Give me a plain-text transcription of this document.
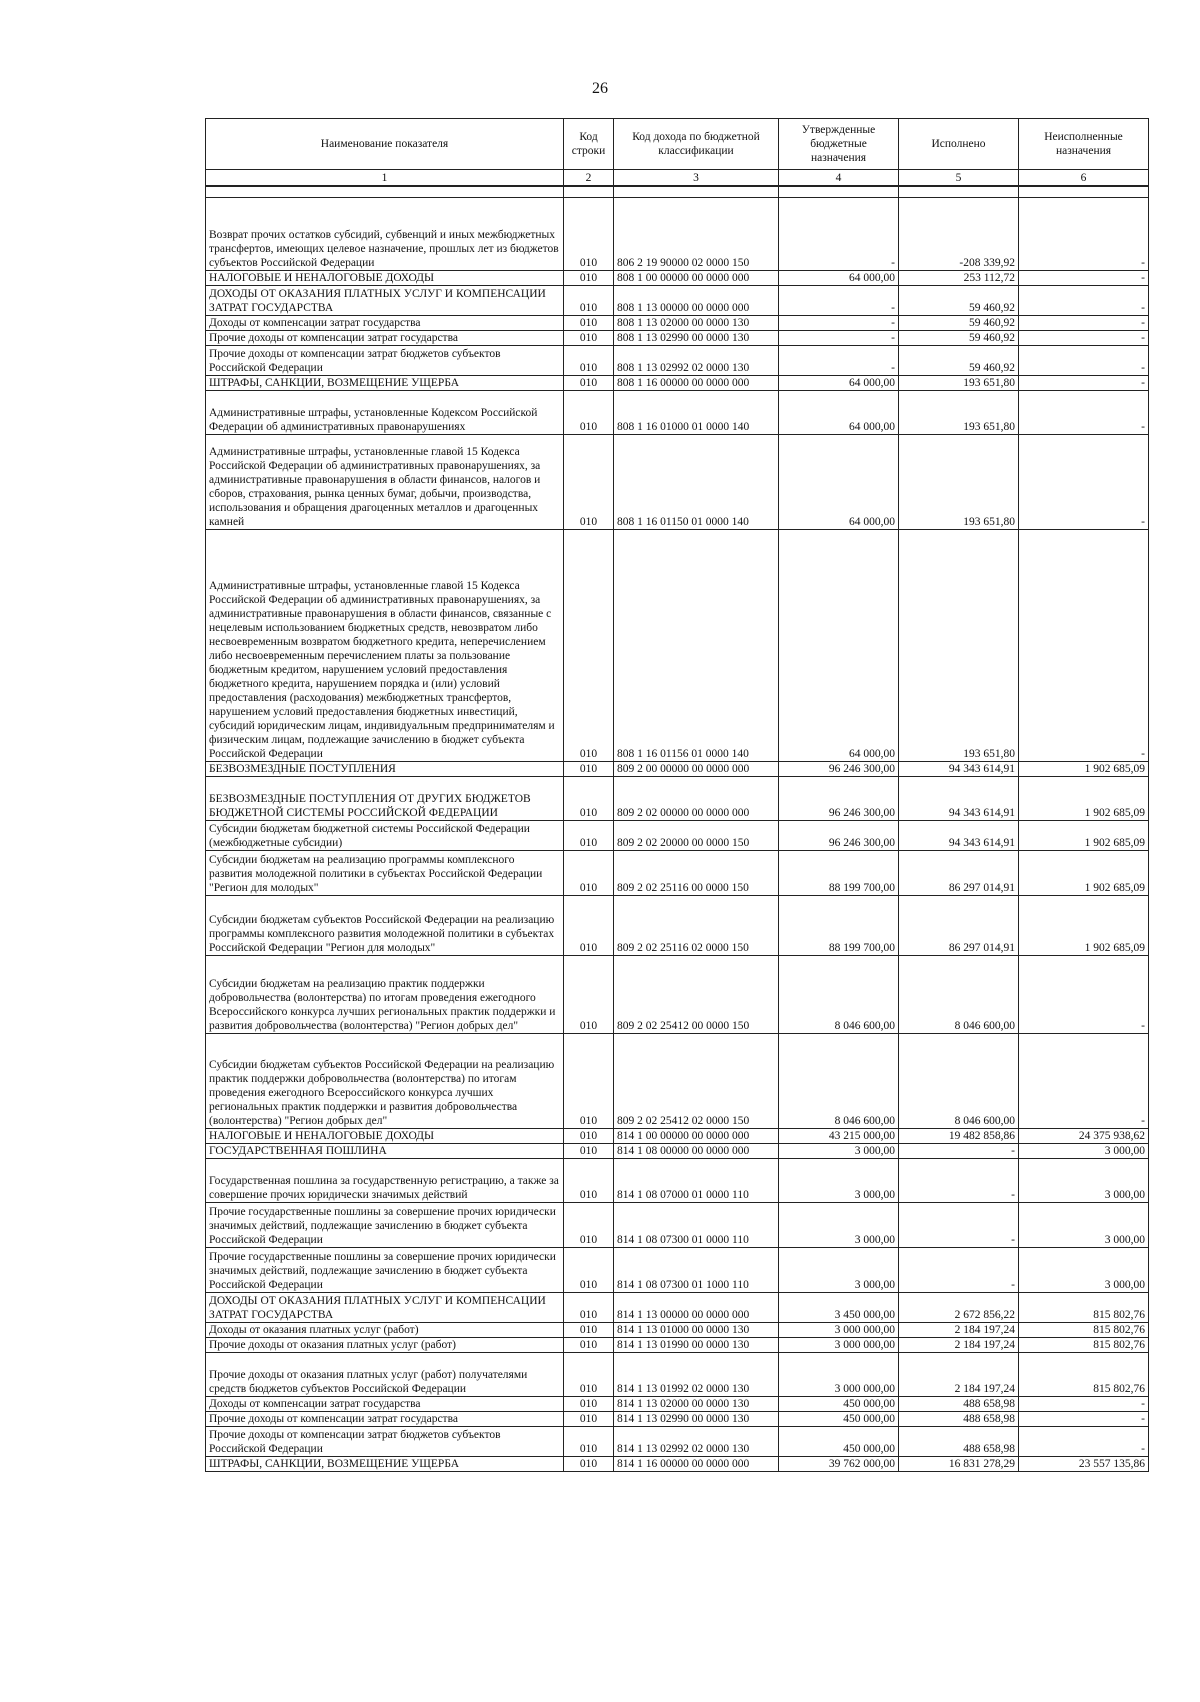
26
Наименование показателя	Код строки	Код дохода по бюджетной классификации	Утвержденные бюджетные назначения	Исполнено	Неисполненные назначения
1	2	3	4	5	6

Возврат прочих остатков субсидий, субвенций и иных межбюджетных трансфертов, имеющих целевое назначение, прошлых лет из бюджетов субъектов Российской Федерации	010	806 2 19 90000 02 0000 150	-	-208 339,92	-
НАЛОГОВЫЕ И НЕНАЛОГОВЫЕ ДОХОДЫ	010	808 1 00 00000 00 0000 000	64 000,00	253 112,72	-
ДОХОДЫ ОТ ОКАЗАНИЯ ПЛАТНЫХ УСЛУГ И КОМПЕНСАЦИИ ЗАТРАТ ГОСУДАРСТВА	010	808 1 13 00000 00 0000 000	-	59 460,92	-
Доходы от компенсации затрат государства	010	808 1 13 02000 00 0000 130	-	59 460,92	-
Прочие доходы от компенсации затрат государства	010	808 1 13 02990 00 0000 130	-	59 460,92	-
Прочие доходы от компенсации затрат бюджетов субъектов Российской Федерации	010	808 1 13 02992 02 0000 130	-	59 460,92	-
ШТРАФЫ, САНКЦИИ, ВОЗМЕЩЕНИЕ УЩЕРБА	010	808 1 16 00000 00 0000 000	64 000,00	193 651,80	-
Административные штрафы, установленные Кодексом Российской Федерации об административных правонарушениях	010	808 1 16 01000 01 0000 140	64 000,00	193 651,80	-
Административные штрафы, установленные главой 15 Кодекса Российской Федерации об административных правонарушениях, за административные правонарушения в области финансов, налогов и сборов, страхования, рынка ценных бумаг, добычи, производства, использования и обращения драгоценных металлов и драгоценных камней	010	808 1 16 01150 01 0000 140	64 000,00	193 651,80	-
Административные штрафы, установленные главой 15 Кодекса Российской Федерации об административных правонарушениях, за административные правонарушения в области финансов, связанные с нецелевым использованием бюджетных средств, невозвратом либо несвоевременным возвратом бюджетного кредита, неперечислением либо несвоевременным перечислением платы за пользование бюджетным кредитом, нарушением условий предоставления бюджетного кредита, нарушением порядка и (или) условий предоставления (расходования) межбюджетных трансфертов, нарушением условий предоставления бюджетных инвестиций, субсидий юридическим лицам, индивидуальным предпринимателям и физическим лицам, подлежащие зачислению в бюджет субъекта Российской Федерации	010	808 1 16 01156 01 0000 140	64 000,00	193 651,80	-
БЕЗВОЗМЕЗДНЫЕ ПОСТУПЛЕНИЯ	010	809 2 00 00000 00 0000 000	96 246 300,00	94 343 614,91	1 902 685,09
БЕЗВОЗМЕЗДНЫЕ ПОСТУПЛЕНИЯ ОТ ДРУГИХ БЮДЖЕТОВ БЮДЖЕТНОЙ СИСТЕМЫ РОССИЙСКОЙ ФЕДЕРАЦИИ	010	809 2 02 00000 00 0000 000	96 246 300,00	94 343 614,91	1 902 685,09
Субсидии бюджетам бюджетной системы Российской Федерации (межбюджетные субсидии)	010	809 2 02 20000 00 0000 150	96 246 300,00	94 343 614,91	1 902 685,09
Субсидии бюджетам на реализацию программы комплексного развития молодежной политики в субъектах Российской Федерации "Регион для молодых"	010	809 2 02 25116 00 0000 150	88 199 700,00	86 297 014,91	1 902 685,09
Субсидии бюджетам субъектов Российской Федерации на реализацию программы комплексного развития молодежной политики в субъектах Российской Федерации "Регион для молодых"	010	809 2 02 25116 02 0000 150	88 199 700,00	86 297 014,91	1 902 685,09
Субсидии бюджетам на реализацию практик поддержки добровольчества (волонтерства) по итогам проведения ежегодного Всероссийского конкурса лучших региональных практик поддержки и развития добровольчества (волонтерства) "Регион добрых дел"	010	809 2 02 25412 00 0000 150	8 046 600,00	8 046 600,00	-
Субсидии бюджетам субъектов Российской Федерации на реализацию практик поддержки добровольчества (волонтерства) по итогам проведения ежегодного Всероссийского конкурса лучших региональных практик поддержки и развития добровольчества (волонтерства) "Регион добрых дел"	010	809 2 02 25412 02 0000 150	8 046 600,00	8 046 600,00	-
НАЛОГОВЫЕ И НЕНАЛОГОВЫЕ ДОХОДЫ	010	814 1 00 00000 00 0000 000	43 215 000,00	19 482 858,86	24 375 938,62
ГОСУДАРСТВЕННАЯ ПОШЛИНА	010	814 1 08 00000 00 0000 000	3 000,00	-	3 000,00
Государственная пошлина за государственную регистрацию, а также за совершение прочих юридически значимых действий	010	814 1 08 07000 01 0000 110	3 000,00	-	3 000,00
Прочие государственные пошлины за совершение прочих юридически значимых действий, подлежащие зачислению в бюджет субъекта Российской Федерации	010	814 1 08 07300 01 0000 110	3 000,00	-	3 000,00
Прочие государственные пошлины за совершение прочих юридически значимых действий, подлежащие зачислению в бюджет субъекта Российской Федерации	010	814 1 08 07300 01 1000 110	3 000,00	-	3 000,00
ДОХОДЫ ОТ ОКАЗАНИЯ ПЛАТНЫХ УСЛУГ И КОМПЕНСАЦИИ ЗАТРАТ ГОСУДАРСТВА	010	814 1 13 00000 00 0000 000	3 450 000,00	2 672 856,22	815 802,76
Доходы от оказания платных услуг (работ)	010	814 1 13 01000 00 0000 130	3 000 000,00	2 184 197,24	815 802,76
Прочие доходы от оказания платных услуг (работ)	010	814 1 13 01990 00 0000 130	3 000 000,00	2 184 197,24	815 802,76
Прочие доходы от оказания платных услуг (работ) получателями средств бюджетов субъектов Российской Федерации	010	814 1 13 01992 02 0000 130	3 000 000,00	2 184 197,24	815 802,76
Доходы от компенсации затрат государства	010	814 1 13 02000 00 0000 130	450 000,00	488 658,98	-
Прочие доходы от компенсации затрат государства	010	814 1 13 02990 00 0000 130	450 000,00	488 658,98	-
Прочие доходы от компенсации затрат бюджетов субъектов Российской Федерации	010	814 1 13 02992 02 0000 130	450 000,00	488 658,98	-
ШТРАФЫ, САНКЦИИ, ВОЗМЕЩЕНИЕ УЩЕРБА	010	814 1 16 00000 00 0000 000	39 762 000,00	16 831 278,29	23 557 135,86
